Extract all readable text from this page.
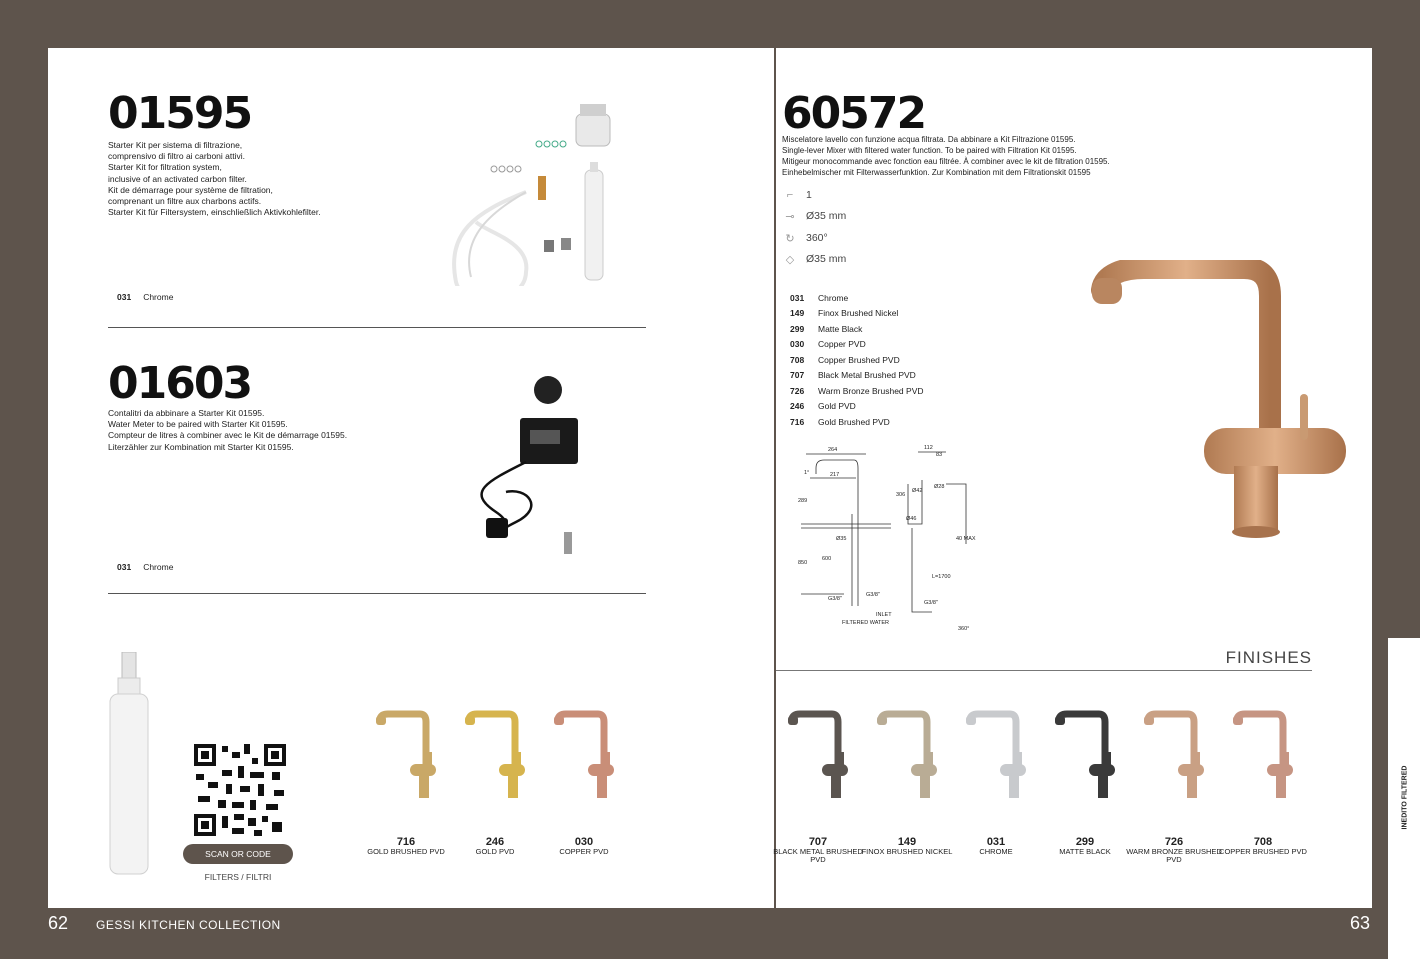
01595
Starter Kit per sistema di filtrazione,
comprensivo di filtro ai carboni attivi.
Starter Kit for filtration system,
inclusive of an activated carbon filter.
Kit de démarrage pour système de filtration,
comprenant un filtre aux charbons actifs.
Starter Kit für Filtersystem, einschließlich Aktivkohlefilter.
031 Chrome
01603
Contalitri da abbinare a Starter Kit 01595.
Water Meter to be paired with Starter Kit 01595.
Compteur de litres à combiner avec le Kit de démarrage 01595.
Literzähler zur Kombination mit Starter Kit 01595.
031 Chrome
SCAN OR CODE
FILTERS / FILTRI
716
GOLD BRUSHED PVD
246
GOLD PVD
030
COPPER PVD
60572
Miscelatore lavello con funzione acqua filtrata. Da abbinare a Kit Filtrazione 01595.
Single-lever Mixer with filtered water function. To be paired with Filtration Kit 01595.
Mitigeur monocommande avec fonction eau filtrée. À combiner avec le kit de filtration 01595.
Einhebelmischer mit Filterwasserfunktion. Zur Kombination mit dem Filtrationskit 01595
⌐	1
⊸	Ø35 mm
↻	360°
◇	Ø35 mm
031 Chrome
149 Finox Brushed Nickel
299 Matte Black
030 Copper PVD
708 Copper Brushed PVD
707 Black Metal Brushed PVD
726 Warm Bronze Brushed PVD
246 Gold PVD
716 Gold Brushed PVD
264
217
1°
112
83
289
306
Ø42
Ø28
Ø46
Ø35
850
600
40 MAX
L=1700
G3/8"
G3/8"
G3/8"
INLET
FILTERED WATER
360°
FINISHES
707
BLACK METAL BRUSHED PVD
149
FINOX BRUSHED NICKEL
031
CHROME
299
MATTE BLACK
726
WARM BRONZE BRUSHED PVD
708
COPPER BRUSHED PVD
INEDITO FILTERED
62 GESSI KITCHEN COLLECTION	63
